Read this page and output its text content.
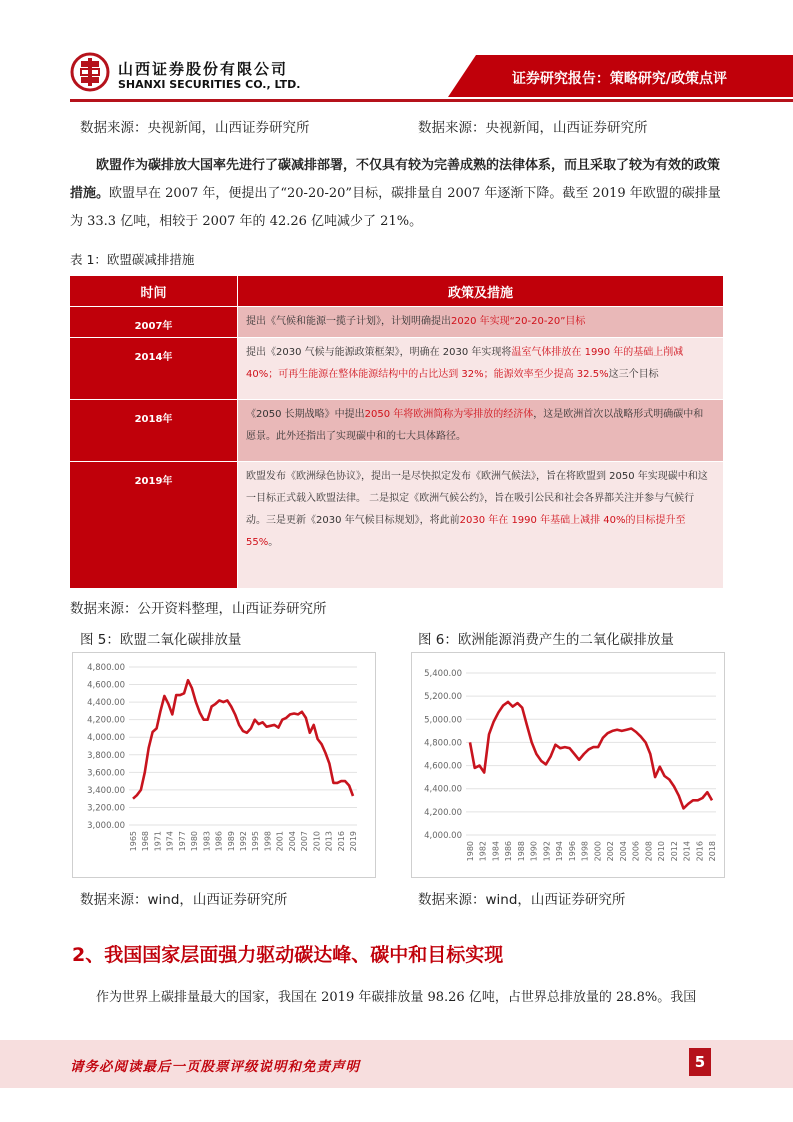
山西证券股份有限公司
SHANXI SECURITIES CO., LTD.	证券研究报告：策略研究/政策点评
数据来源：央视新闻，山西证券研究所	数据来源：央视新闻，山西证券研究所
欧盟作为碳排放大国率先进行了碳减排部署，不仅具有较为完善成熟的法律体系，而且采取了较为有效的政策措施。欧盟早在 2007 年，便提出了“20-20-20”目标，碳排量自 2007 年逐渐下降。截至 2019 年欧盟的碳排量为 33.3 亿吨，相较于 2007 年的 42.26 亿吨减少了 21%。
表 1：欧盟碳减排措施
时间	政策及措施
2007年	提出《气候和能源一揽子计划》，计划明确提出2020 年实现“20-20-20”目标
2014年	提出《2030 气候与能源政策框架》，明确在 2030 年实现将温室气体排放在 1990 年的基础上削减 40%；可再生能源在整体能源结构中的占比达到 32%；能源效率至少提高 32.5%这三个目标
2018年	《2050 长期战略》中提出2050 年将欧洲简称为零排放的经济体，这是欧洲首次以战略形式明确碳中和愿景。此外还指出了实现碳中和的七大具体路径。
2019年	欧盟发布《欧洲绿色协议》，提出一是尽快拟定发布《欧洲气候法》，旨在将欧盟到 2050 年实现碳中和这一目标正式载入欧盟法律。 二是拟定《欧洲气候公约》，旨在吸引公民和社会各界都关注并参与气候行动。三是更新《2030 年气候目标规划》，将此前2030 年在 1990 年基础上减排 40%的目标提升至 55%。
数据来源：公开资料整理，山西证券研究所
图 5：欧盟二氧化碳排放量
4,800.00
4,600.00
4,400.00
4,200.00
4,000.00
3,800.00
3,600.00
3,400.00
3,200.00
3,000.00
1965 1968 1971 1974 1977 1980 1983 1986 1989 1992 1995 1998 2001 2004 2007 2010 2013 2016 2019
数据来源：wind，山西证券研究所
图 6：欧洲能源消费产生的二氧化碳排放量
5,400.00
5,200.00
5,000.00
4,800.00
4,600.00
4,400.00
4,200.00
4,000.00
1980 1982 1984 1986 1988 1990 1992 1994 1996 1998 2000 2002 2004 2006 2008 2010 2012 2014 2016 2018
数据来源：wind，山西证券研究所
2、我国国家层面强力驱动碳达峰、碳中和目标实现
作为世界上碳排量最大的国家，我国在 2019 年碳排放量 98.26 亿吨，占世界总排放量的 28.8%。我国
请务必阅读最后一页股票评级说明和免责声明	5
